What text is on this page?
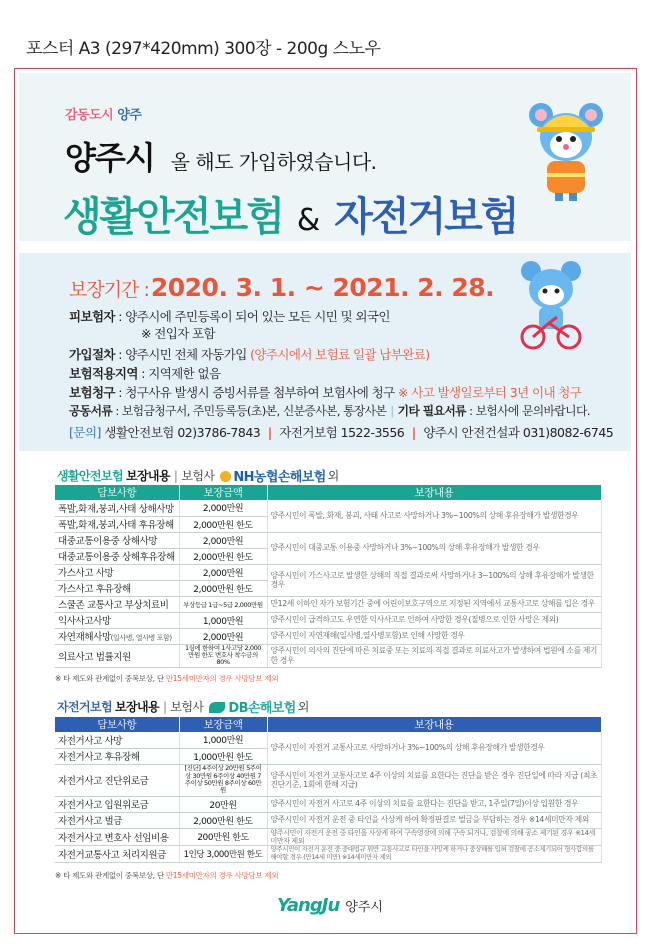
포스터 A3 (297*420mm) 300장 - 200g 스노우
감동도시 양주
양주시 올 해도 가입하였습니다.
생활안전보험 & 자전거보험
보장기간 : 2020. 3. 1. ~ 2021. 2. 28.
피보험자 : 양주시에 주민등록이 되어 있는 모든 시민 및 외국인
※ 전입자 포함
가입절차 : 양주시민 전체 자동가입 (양주시에서 보험료 일괄 납부완료)
보험적용지역 : 지역제한 없음
보험청구 : 청구사유 발생시 증빙서류를 첨부하여 보험사에 청구 ※ 사고 발생일로부터 3년 이내 청구
공동서류 : 보험금청구서, 주민등록등(초)본, 신분증사본, 통장사본 | 기타 필요서류 : 보험사에 문의바랍니다.
[문의] 생활안전보험 02)3786-7843 | 자전거보험 1522-3556 | 양주시 안전건설과 031)8082-6745
생활안전보험 보장내용 | 보험사	NH농협손해보험 외
담보사항	보장금액	보장내용
폭발,화재,붕괴,사태 상해사망	2,000만원	양주시민이 폭발, 화재, 붕괴, 사태 사고로 사망하거나 3%~100%의 상해 후유장해가 발생한경우
폭발,화재,붕괴,사태 후유장해	2,000만원 한도	
대중교통이용중 상해사망	2,000만원	양주시민이 대중교통 이용중 사망하거나 3%~100%의 상해 후유장해가 발생한 경우
대중교통이용중 상해후유장해	2,000만원 한도	
가스사고 사망	2,000만원	양주시민이 가스사고로 발생한 상해의 직접 결과로써 사망하거나 3~100%의 상해 후유장해가 발생한 경우
가스사고 후유장해	2,000만원 한도	
스쿨존 교통사고 부상치료비	부상등급 1급~5급 2,000만원	만12세 이하인 자가 보험기간 중에 어린이보호구역으로 지정된 지역에서 교통사고로 상해를 입은 경우
익사사고사망	1,000만원	양주시민이 급격하고도 우연한 익사사고로 인하여 사망한 경우(질병으로 인한 사망은 제외)
자연재해사망(일사병, 열사병 포함)	2,000만원	양주시민이 자연재해(일사병,열사병포함)로 인해 사망한 경우
의료사고 법률지원	1심에 한하여 1사고당 2,000만원 한도 변호사 착수금의 80%	양주시민이 의사의 진단에 따른 치료중 또는 치료의 직접 결과로 의료사고가 발생하여 법원에 소를 제기한 경우
※ 타 제도와 관계없이 중복보상, 단 만15세미만자의 경우 사망담보 제외
자전거보험 보장내용 | 보험사	DB손해보험 외
담보사항	보장금액	보장내용
자전거사고 사망	1,000만원	양주시민이 자전거 교통사고로 사망하거나 3%~100%의 상해 후유장해가 발생한경우
자전거사고 후유장해	1,000만원 한도	
자전거사고 진단위로금	[진단] 4주이상 20만원 5주이상 30만원 6주이상 40만원 7주이상 50만원 8주이상 60만원	양주시민이 자전거 교통사고로 4주 이상의 치료를 요한다는 진단을 받은 경우 진단일에 따라 지급 (최초 진단기준, 1회에 한해 지급)
자전거사고 입원위로금	20만원	양주시민이 자전거 사고로 4주 이상의 치료를 요한다는 진단을 받고, 1주일(7일)이상 입원한 경우
자전거사고 벌금	2,000만원 한도	양주시민이 자전거 운전 중 타인을 사상케 하여 확정판결로 벌금을 부담하는 경우 ※14세미만자 제외
자전거사고 변호사 선임비용	200만원 한도	양주시민이 자전거 운전 중 타인을 사상케 하여 구속영장에 의해 구속 되거나, 검찰에 의해 공소 제기된 경우 ※14세미만자 제외
자전거교통사고 처리지원금	1인당 3,000만원 한도	양주시민이 자전거 운전 중 중대법규 위반 교통사고로 타인을 사망케 하거나 중상해를 입혀 검찰에 공소제기되어 형사합의를 해야할 경우 (만14세 미만) ※14세미만자 제외
※ 타 제도와 관계없이 중복보상, 단 만15세미만자의 경우 사망담보 제외
YangJu 양주시
